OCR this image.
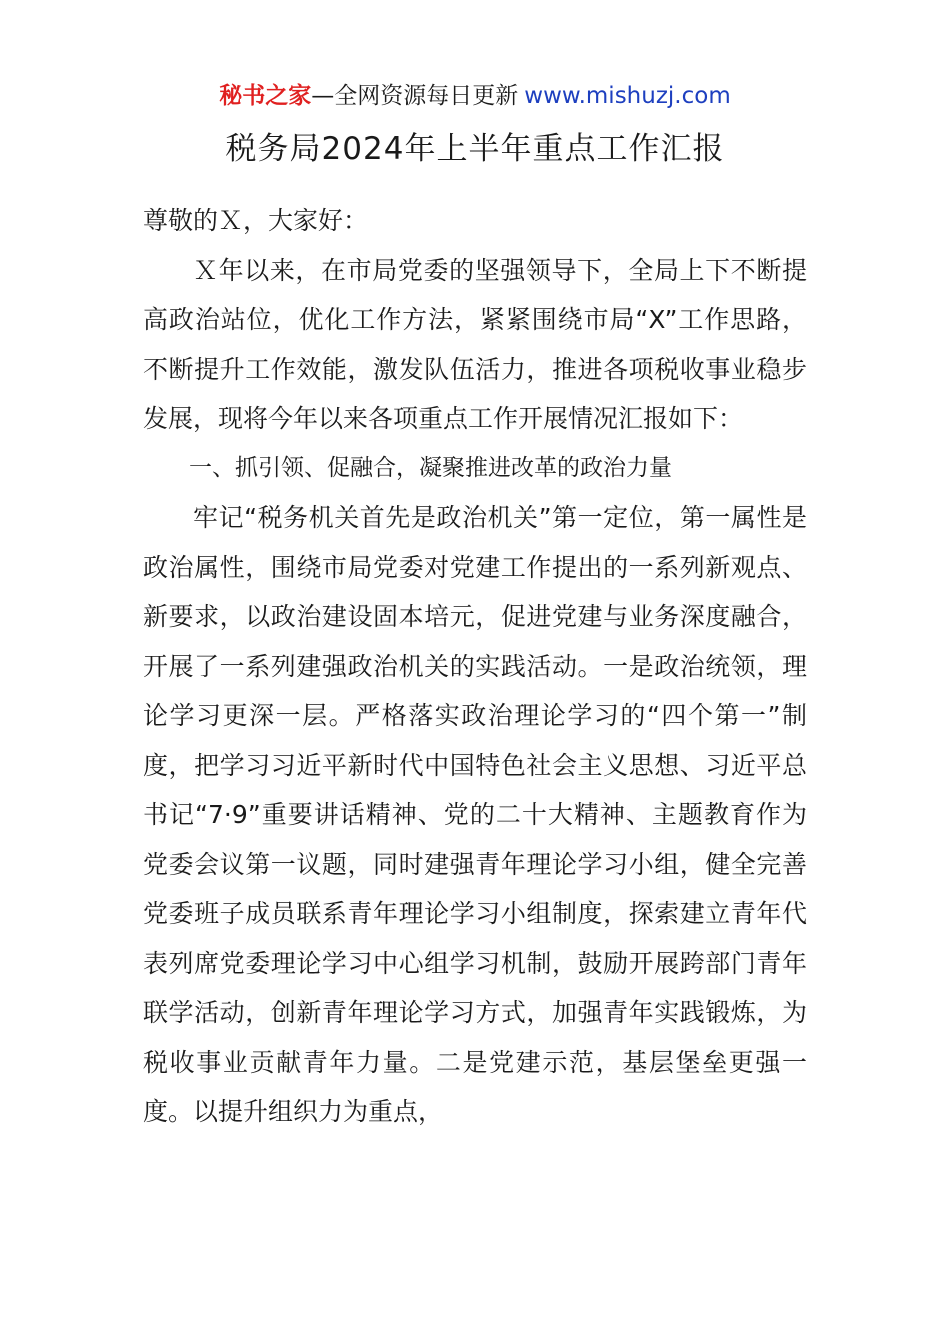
秘书之家—全网资源每日更新 www.mishuzj.com
税务局2024年上半年重点工作汇报

尊敬的Ｘ，大家好：

Ｘ年以来，在市局党委的坚强领导下，全局上下不断提高政治站位，优化工作方法，紧紧围绕市局“X”工作思路，不断提升工作效能，激发队伍活力，推进各项税收事业稳步发展，现将今年以来各项重点工作开展情况汇报如下：

一、抓引领、促融合，凝聚推进改革的政治力量

牢记“税务机关首先是政治机关”第一定位，第一属性是政治属性，围绕市局党委对党建工作提出的一系列新观点、新要求，以政治建设固本培元，促进党建与业务深度融合，开展了一系列建强政治机关的实践活动。一是政治统领，理论学习更深一层。严格落实政治理论学习的“四个第一”制度，把学习习近平新时代中国特色社会主义思想、习近平总书记“7·9”重要讲话精神、党的二十大精神、主题教育作为党委会议第一议题，同时建强青年理论学习小组，健全完善党委班子成员联系青年理论学习小组制度，探索建立青年代表列席党委理论学习中心组学习机制，鼓励开展跨部门青年联学活动，创新青年理论学习方式，加强青年实践锻炼，为税收事业贡献青年力量。二是党建示范，基层堡垒更强一度。以提升组织力为重点，
